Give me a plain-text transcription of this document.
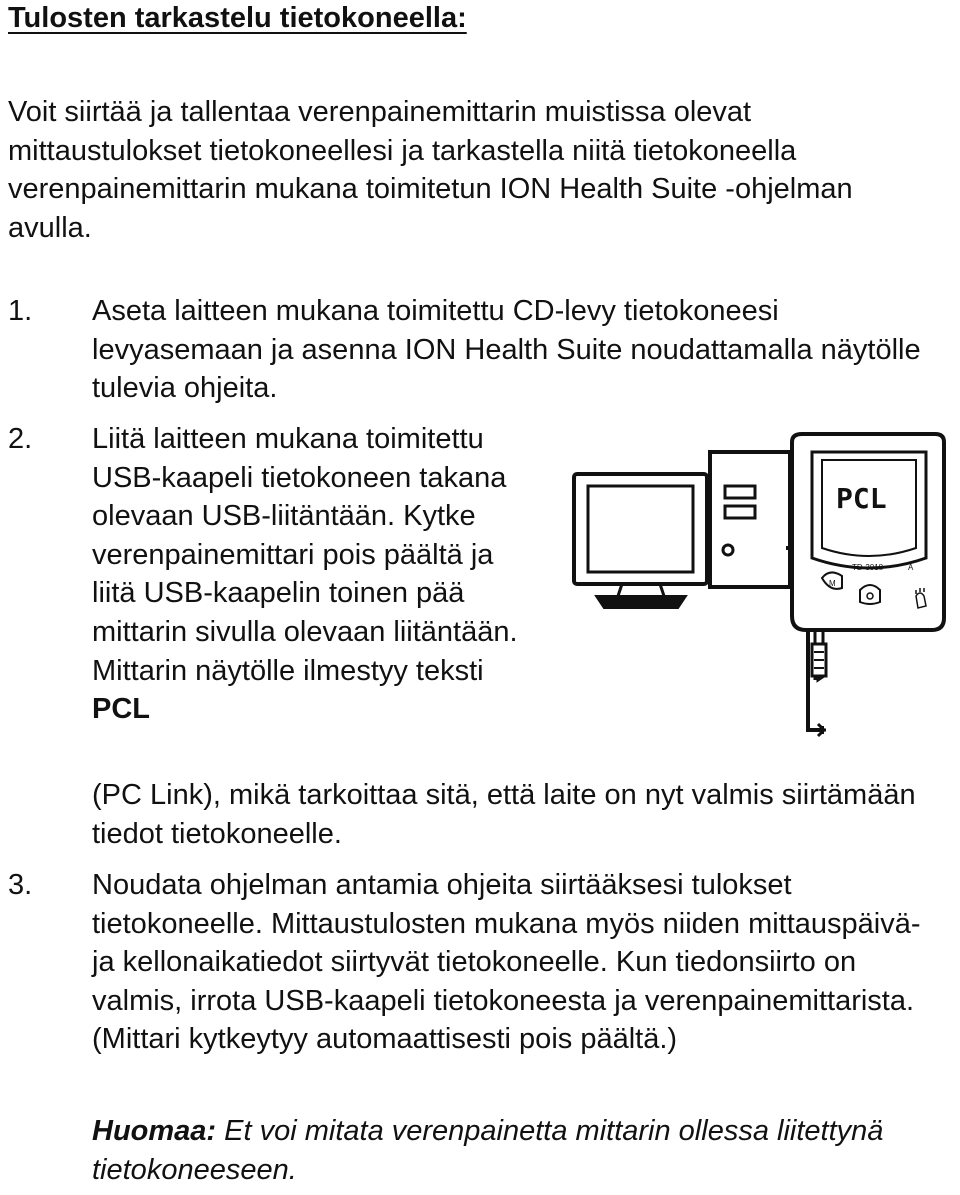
Tulosten tarkastelu tietokoneella:

Voit siirtää ja tallentaa verenpainemittarin muistissa olevat mittaustulokset tietokoneellesi ja tarkastella niitä tietokoneella verenpainemittarin mukana toimitetun ION Health Suite -ohjelman avulla.

1. Aseta laitteen mukana toimitettu CD-levy tietokoneesi levyasemaan ja asenna ION Health Suite noudattamalla näytölle tulevia ohjeita.
2. Liitä laitteen mukana toimitettu USB-kaapeli tietokoneen takana olevaan USB-liitäntään. Kytke verenpainemittari pois päältä ja liitä USB-kaapelin toinen pää mittarin sivulla olevaan liitäntään. Mittarin näytölle ilmestyy teksti PCL
(PC Link), mikä tarkoittaa sitä, että laite on nyt valmis siirtämään tiedot tietokoneelle.
3. Noudata ohjelman antamia ohjeita siirtääksesi tulokset tietokoneelle. Mittaustulosten mukana myös niiden mittauspäivä- ja kellonaikatiedot siirtyvät tietokoneelle. Kun tiedonsiirto on valmis, irrota USB-kaapeli tietokoneesta ja verenpainemittarista. (Mittari kytkeytyy automaattisesti pois päältä.)
Huomaa: Et voi mitata verenpainetta mittarin ollessa liitettynä tietokoneeseen.
PCL
TD-3018	A
M
